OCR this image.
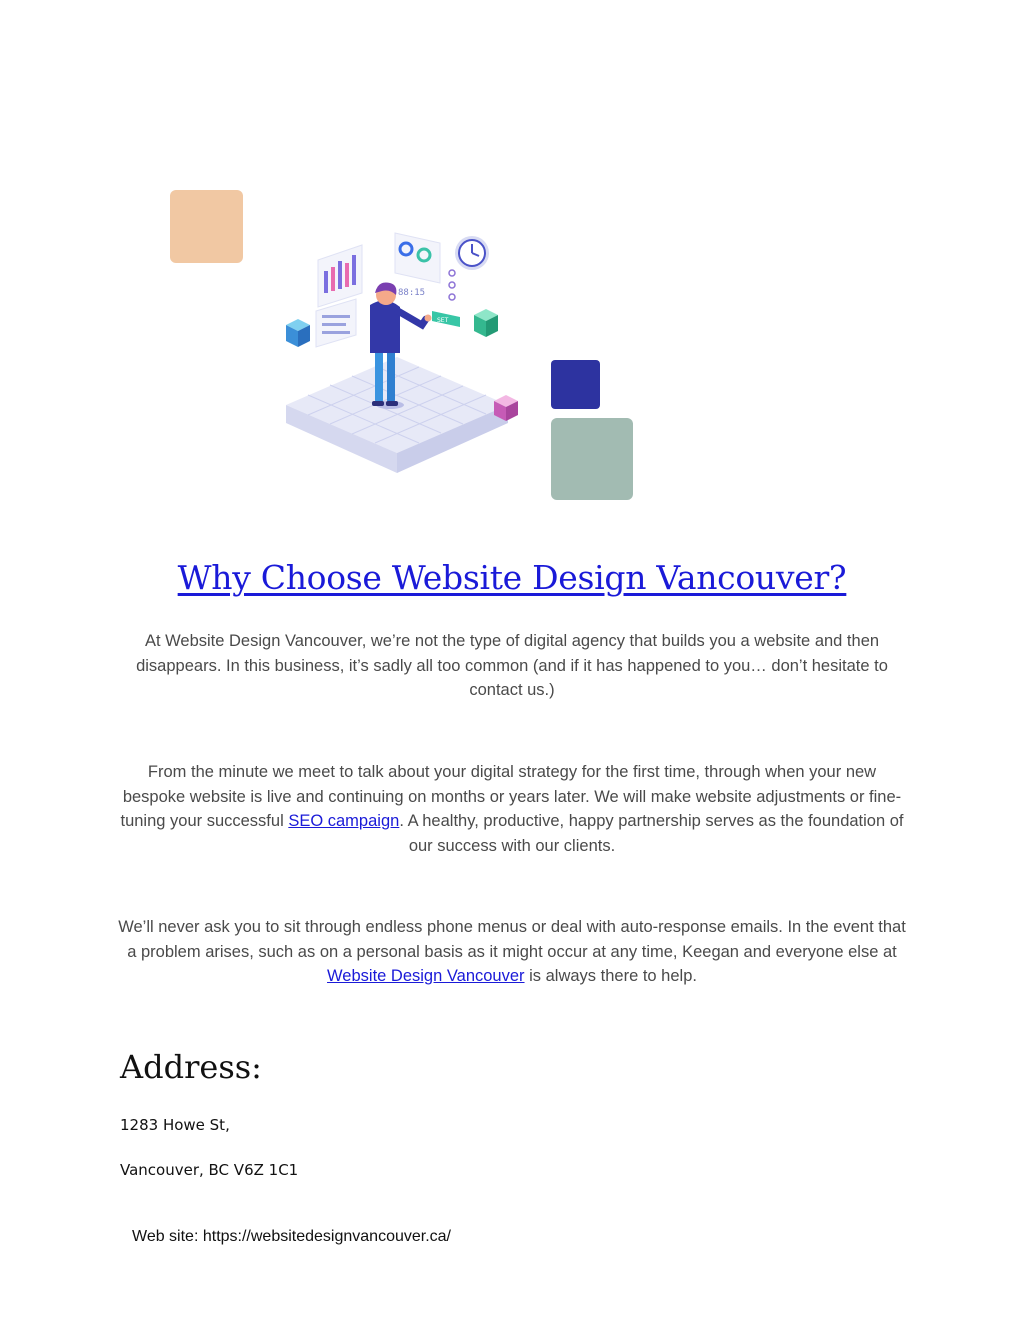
88:15
SET
Why Choose Website Design Vancouver?

At Website Design Vancouver, we’re not the type of digital agency that builds you a website and then disappears. In this business, it’s sadly all too common (and if it has happened to you… don’t hesitate to contact us.)

From the minute we meet to talk about your digital strategy for the first time, through when your new bespoke website is live and continuing on months or years later. We will make website adjustments or fine-tuning your successful SEO campaign. A healthy, productive, happy partnership serves as the foundation of our success with our clients.

We’ll never ask you to sit through endless phone menus or deal with auto-response emails. In the event that a problem arises, such as on a personal basis as it might occur at any time, Keegan and everyone else at Website Design Vancouver is always there to help.

Address:

1283 Howe St,

Vancouver, BC V6Z 1C1

Web site: https://websitedesignvancouver.ca/
